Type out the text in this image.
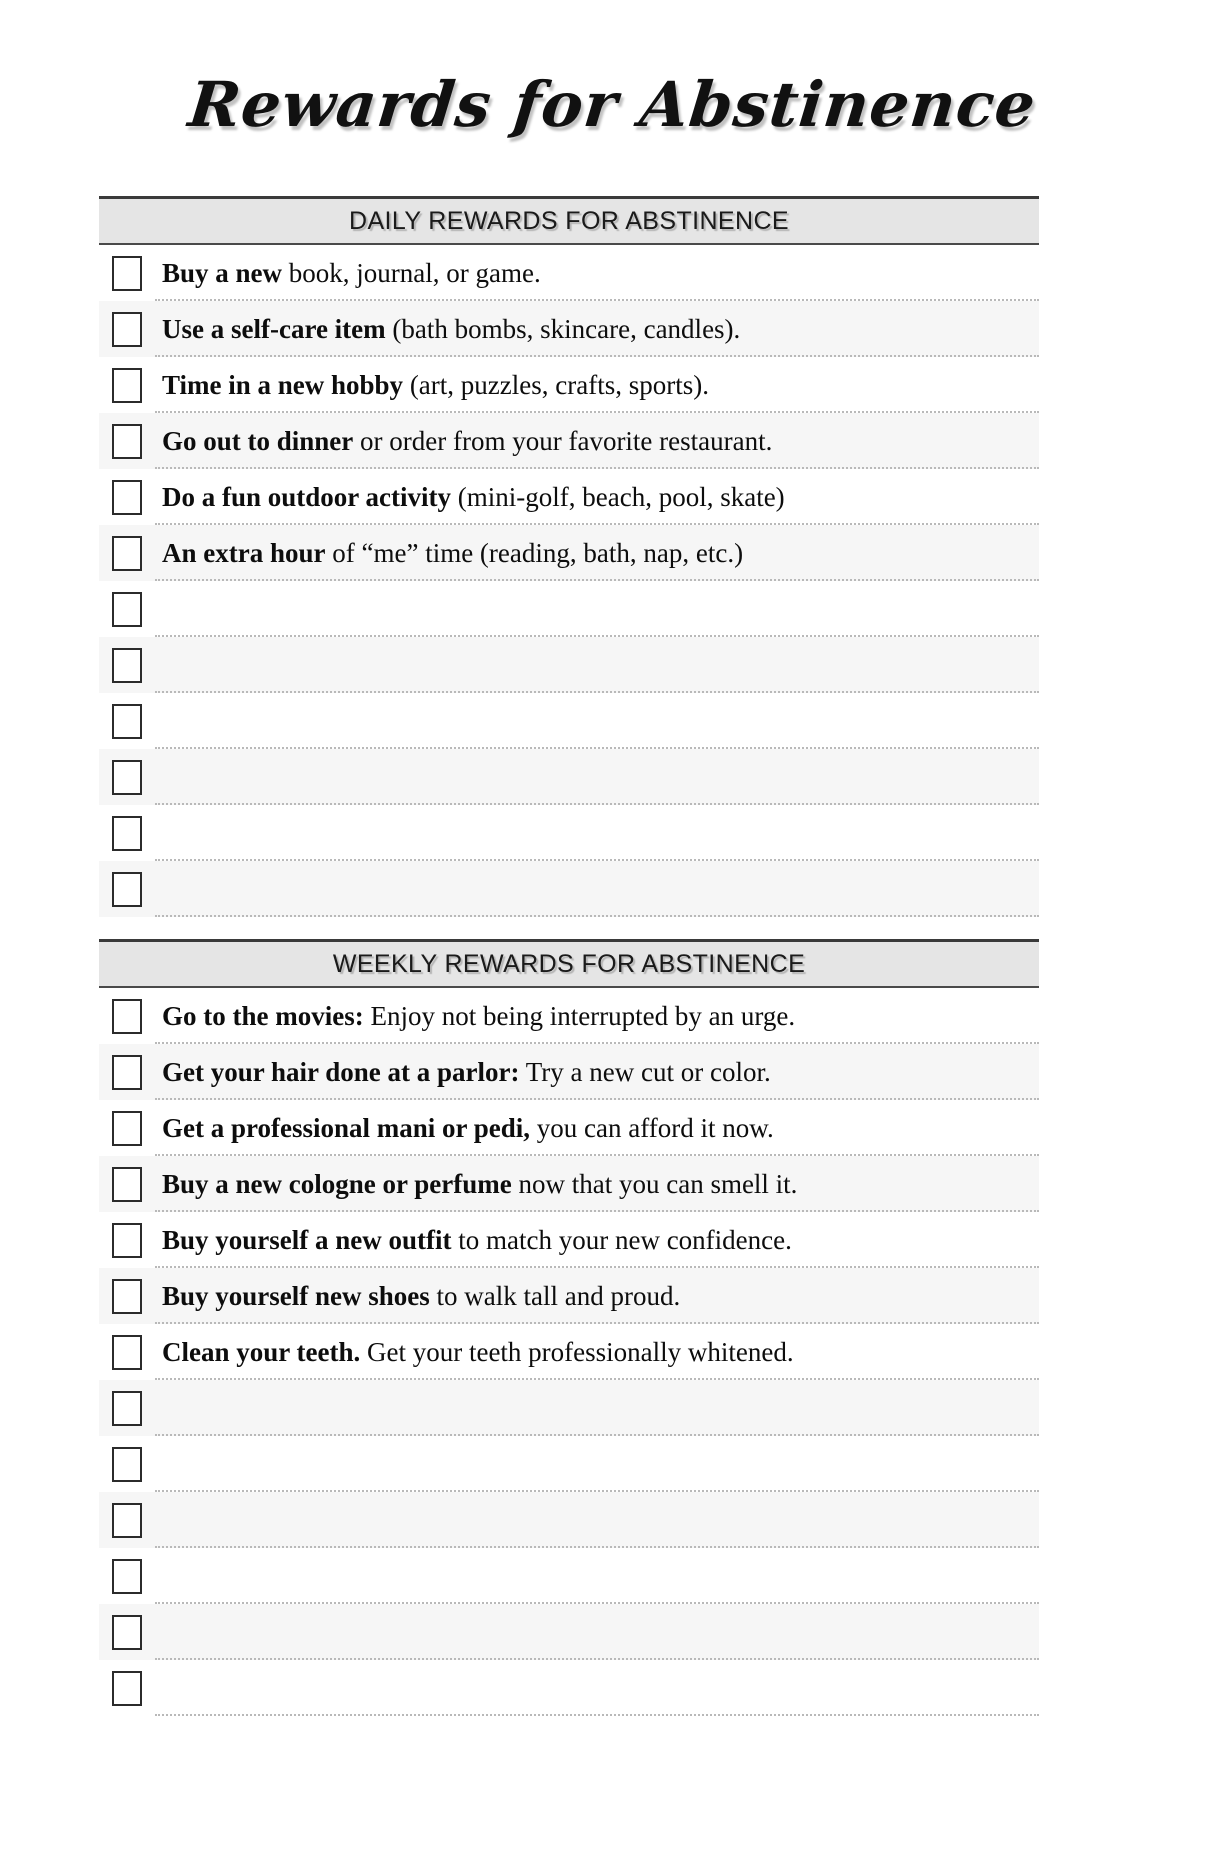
Rewards for Abstinence
DAILY REWARDS FOR ABSTINENCE
Buy a new book, journal, or game.
Use a self-care item (bath bombs, skincare, candles).
Time in a new hobby (art, puzzles, crafts, sports).
Go out to dinner or order from your favorite restaurant.
Do a fun outdoor activity (mini-golf, beach, pool, skate)
An extra hour of “me” time (reading, bath, nap, etc.)
WEEKLY REWARDS FOR ABSTINENCE
Go to the movies: Enjoy not being interrupted by an urge.
Get your hair done at a parlor: Try a new cut or color.
Get a professional mani or pedi, you can afford it now.
Buy a new cologne or perfume now that you can smell it.
Buy yourself a new outfit to match your new confidence.
Buy yourself new shoes to walk tall and proud.
Clean your teeth. Get your teeth professionally whitened.
